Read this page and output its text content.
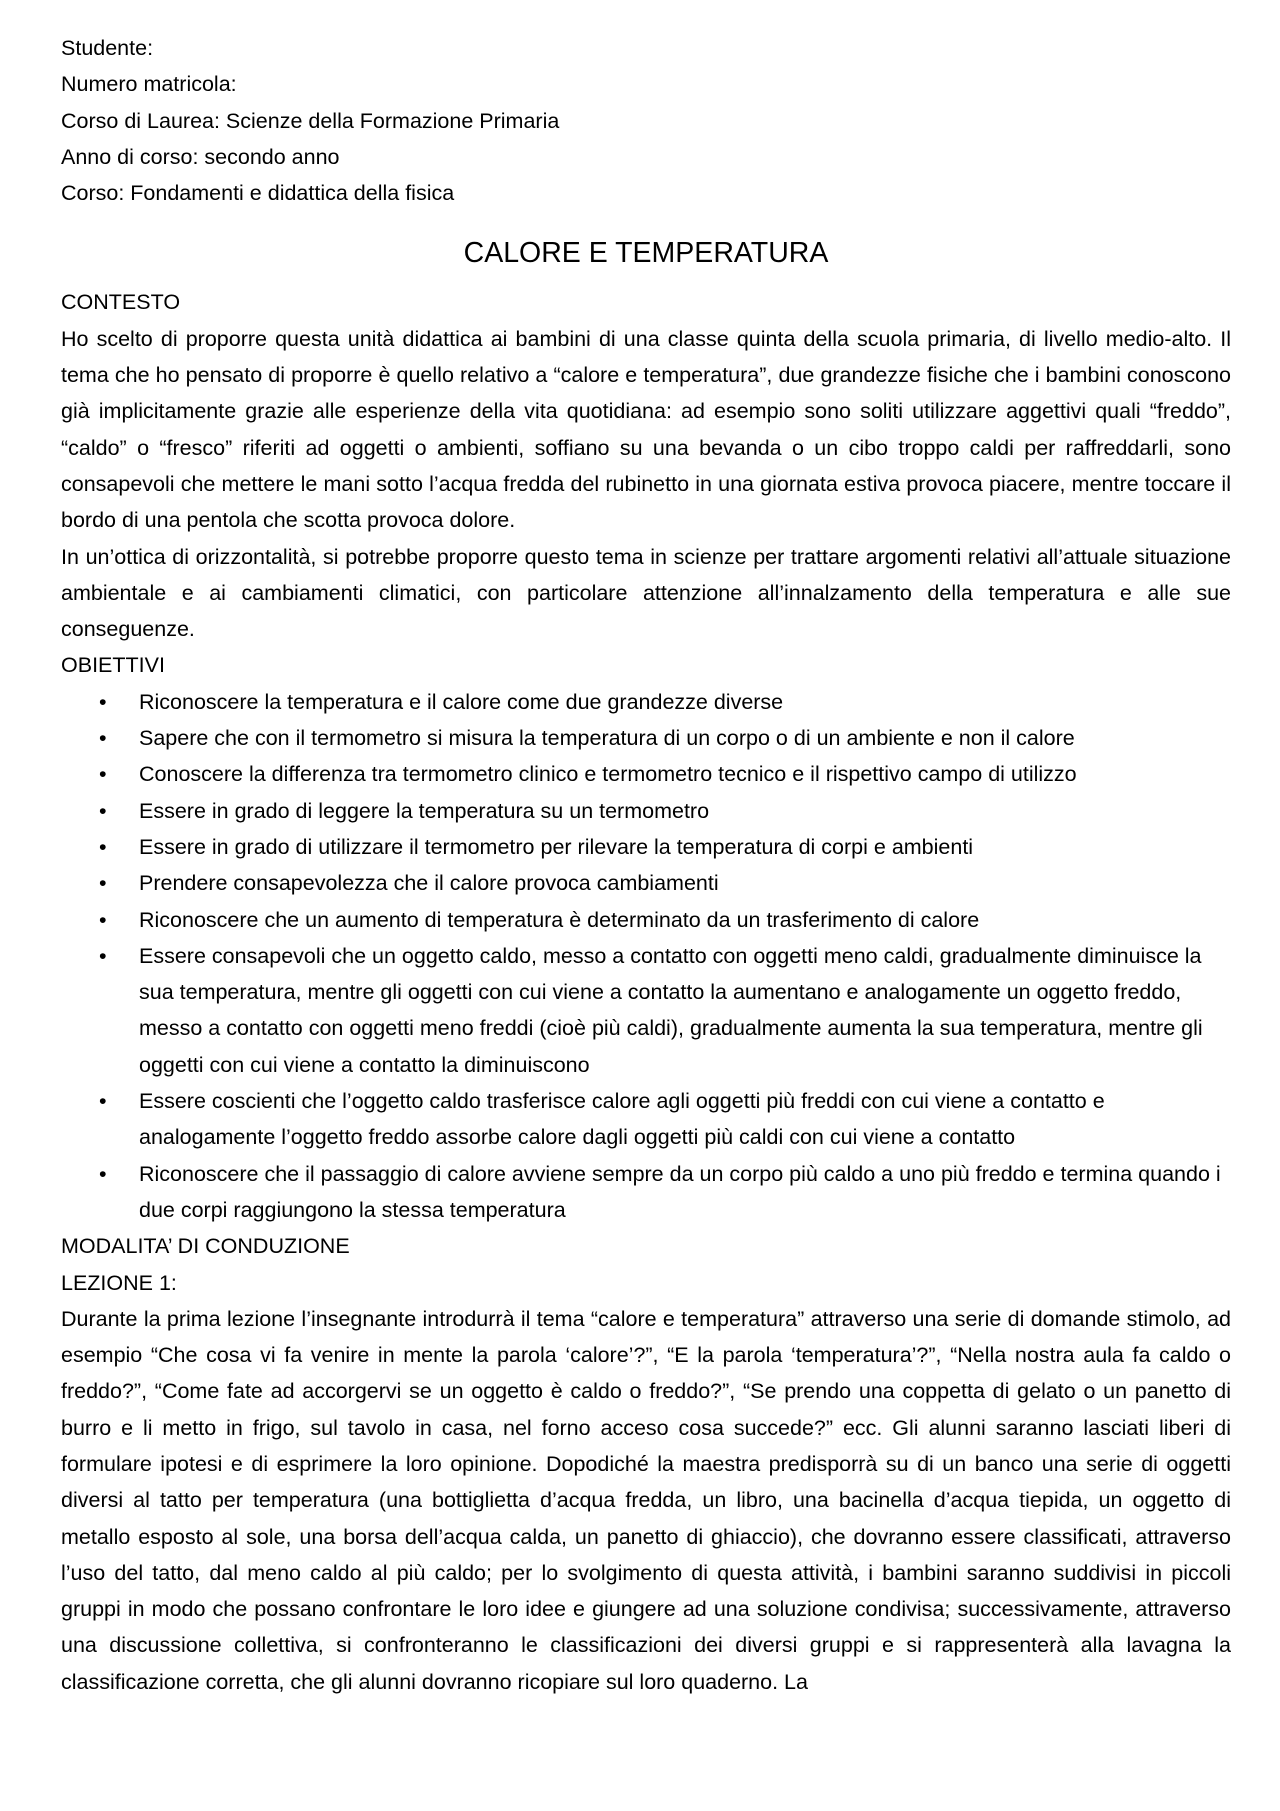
Studente:
Numero matricola:
Corso di Laurea: Scienze della Formazione Primaria
Anno di corso: secondo anno
Corso: Fondamenti e didattica della fisica
CALORE E TEMPERATURA
CONTESTO

Ho scelto di proporre questa unità didattica ai bambini di una classe quinta della scuola primaria, di livello medio-alto. Il tema che ho pensato di proporre è quello relativo a “calore e temperatura”, due grandezze fisiche che i bambini conoscono già implicitamente grazie alle esperienze della vita quotidiana: ad esempio sono soliti utilizzare aggettivi quali “freddo”, “caldo” o “fresco” riferiti ad oggetti o ambienti, soffiano su una bevanda o un cibo troppo caldi per raffreddarli, sono consapevoli che mettere le mani sotto l’acqua fredda del rubinetto in una giornata estiva provoca piacere, mentre toccare il bordo di una pentola che scotta provoca dolore.

In un’ottica di orizzontalità, si potrebbe proporre questo tema in scienze per trattare argomenti relativi all’attuale situazione ambientale e ai cambiamenti climatici, con particolare attenzione all’innalzamento della temperatura e alle sue conseguenze.

OBIETTIVI
•	Riconoscere la temperatura e il calore come due grandezze diverse
•	Sapere che con il termometro si misura la temperatura di un corpo o di un ambiente e non il calore
•	Conoscere la differenza tra termometro clinico e termometro tecnico e il rispettivo campo di utilizzo
•	Essere in grado di leggere la temperatura su un termometro
•	Essere in grado di utilizzare il termometro per rilevare la temperatura di corpi e ambienti
•	Prendere consapevolezza che il calore provoca cambiamenti
•	Riconoscere che un aumento di temperatura è determinato da un trasferimento di calore
•	Essere consapevoli che un oggetto caldo, messo a contatto con oggetti meno caldi, gradualmente diminuisce la sua temperatura, mentre gli oggetti con cui viene a contatto la aumentano e analogamente un oggetto freddo, messo a contatto con oggetti meno freddi (cioè più caldi), gradualmente aumenta la sua temperatura, mentre gli oggetti con cui viene a contatto la diminuiscono
•	Essere coscienti che l’oggetto caldo trasferisce calore agli oggetti più freddi con cui viene a contatto e analogamente l’oggetto freddo assorbe calore dagli oggetti più caldi con cui viene a contatto
•	Riconoscere che il passaggio di calore avviene sempre da un corpo più caldo a uno più freddo e termina quando i due corpi raggiungono la stessa temperatura
MODALITA’ DI CONDUZIONE
LEZIONE 1:

Durante la prima lezione l’insegnante introdurrà il tema “calore e temperatura” attraverso una serie di domande stimolo, ad esempio “Che cosa vi fa venire in mente la parola ‘calore’?”, “E la parola ‘temperatura’?”, “Nella nostra aula fa caldo o freddo?”, “Come fate ad accorgervi se un oggetto è caldo o freddo?”, “Se prendo una coppetta di gelato o un panetto di burro e li metto in frigo, sul tavolo in casa, nel forno acceso cosa succede?” ecc. Gli alunni saranno lasciati liberi di formulare ipotesi e di esprimere la loro opinione. Dopodiché la maestra predisporrà su di un banco una serie di oggetti diversi al tatto per temperatura (una bottiglietta d’acqua fredda, un libro, una bacinella d’acqua tiepida, un oggetto di metallo esposto al sole, una borsa dell’acqua calda, un panetto di ghiaccio), che dovranno essere classificati, attraverso l’uso del tatto, dal meno caldo al più caldo; per lo svolgimento di questa attività, i bambini saranno suddivisi in piccoli gruppi in modo che possano confrontare le loro idee e giungere ad una soluzione condivisa; successivamente, attraverso una discussione collettiva, si confronteranno le classificazioni dei diversi gruppi e si rappresenterà alla lavagna la classificazione corretta, che gli alunni dovranno ricopiare sul loro quaderno. La
